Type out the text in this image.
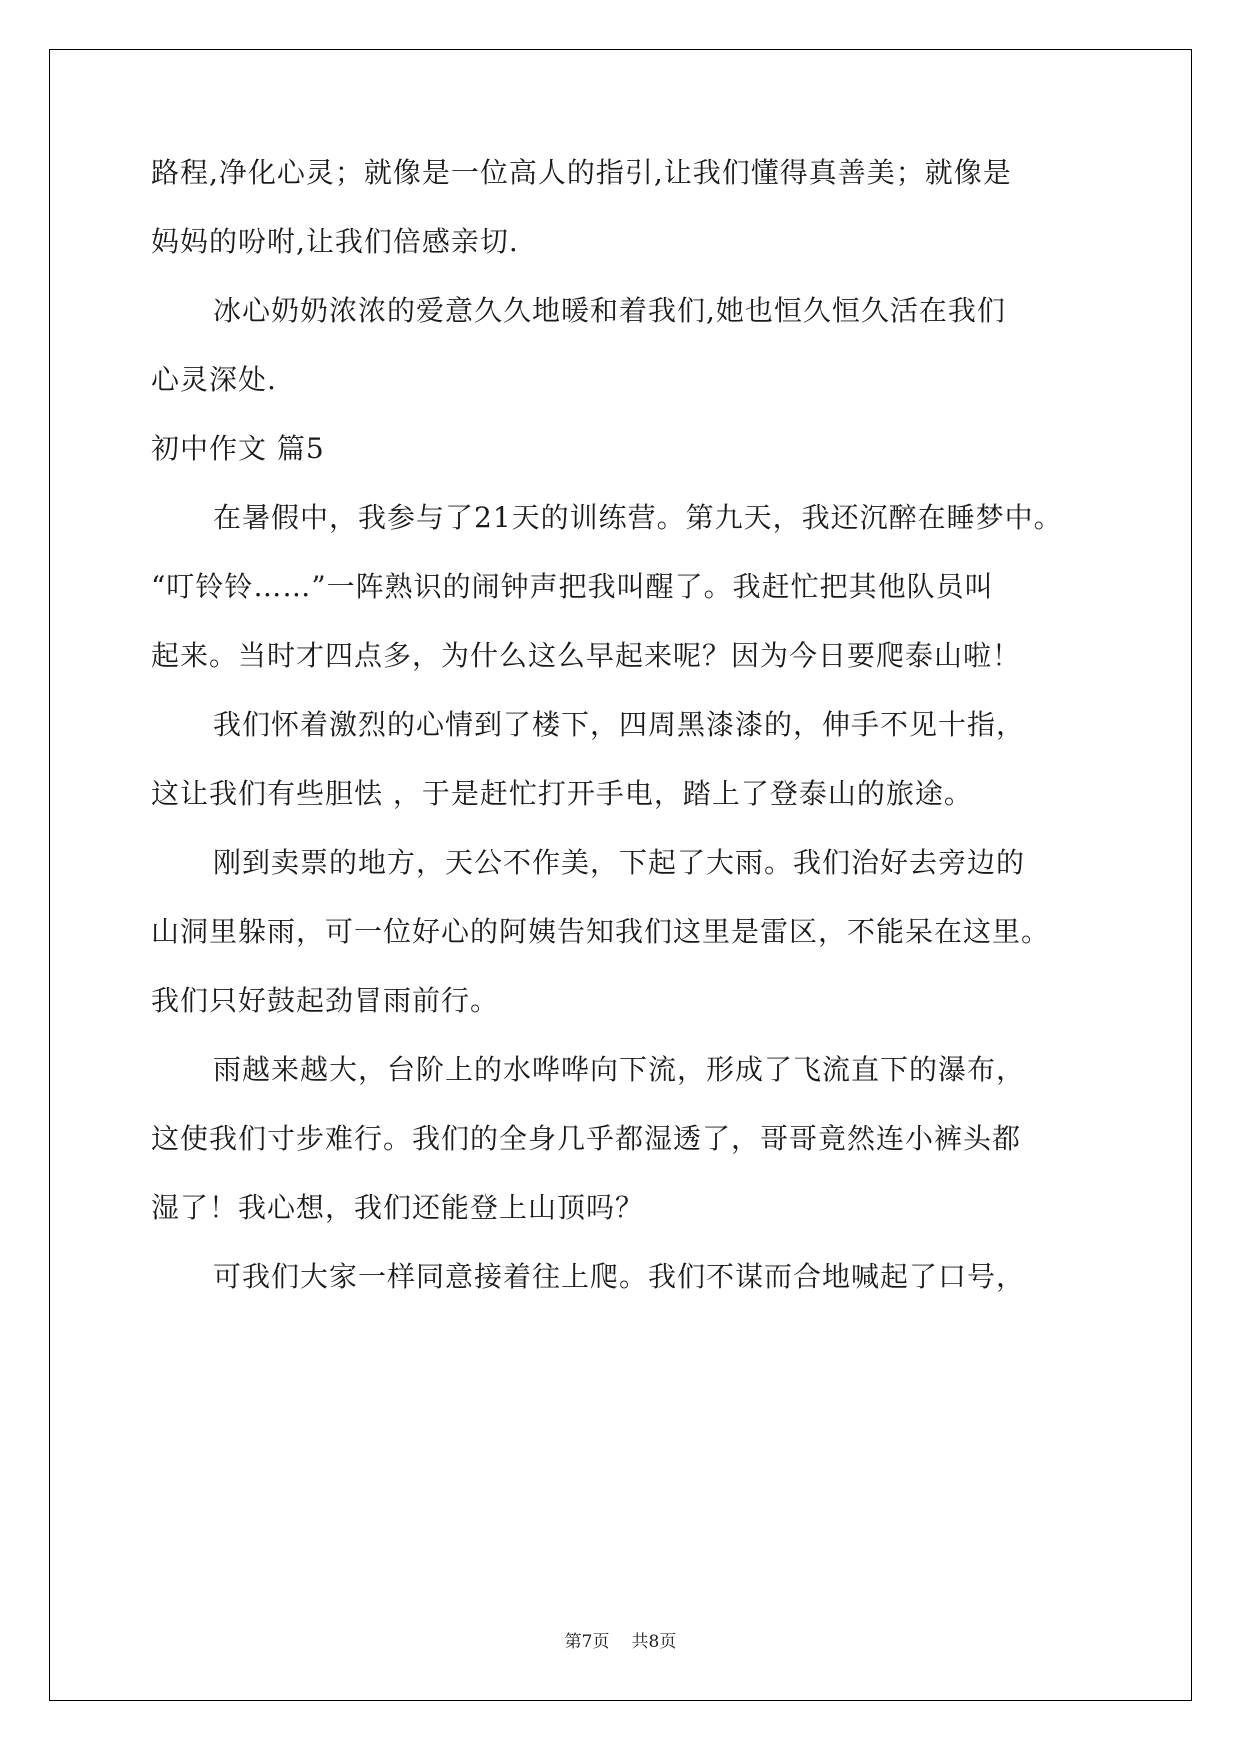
路程,净化心灵；就像是一位高人的指引,让我们懂得真善美；就像是
妈妈的吩咐,让我们倍感亲切.
冰心奶奶浓浓的爱意久久地暖和着我们,她也恒久恒久活在我们
心灵深处.
初中作文 篇5
在暑假中，我参与了21天的训练营。第九天，我还沉醉在睡梦中。
“叮铃铃……”一阵熟识的闹钟声把我叫醒了。我赶忙把其他队员叫
起来。当时才四点多，为什么这么早起来呢？因为今日要爬泰山啦！
我们怀着激烈的心情到了楼下，四周黑漆漆的，伸手不见十指，
这让我们有些胆怯 ，于是赶忙打开手电，踏上了登泰山的旅途。
刚到卖票的地方，天公不作美，下起了大雨。我们治好去旁边的
山洞里躲雨，可一位好心的阿姨告知我们这里是雷区，不能呆在这里。
我们只好鼓起劲冒雨前行。
雨越来越大，台阶上的水哗哗向下流，形成了飞流直下的瀑布，
这使我们寸步难行。我们的全身几乎都湿透了，哥哥竟然连小裤头都
湿了！我心想，我们还能登上山顶吗？
可我们大家一样同意接着往上爬。我们不谋而合地喊起了口号，
第7页 共8页
